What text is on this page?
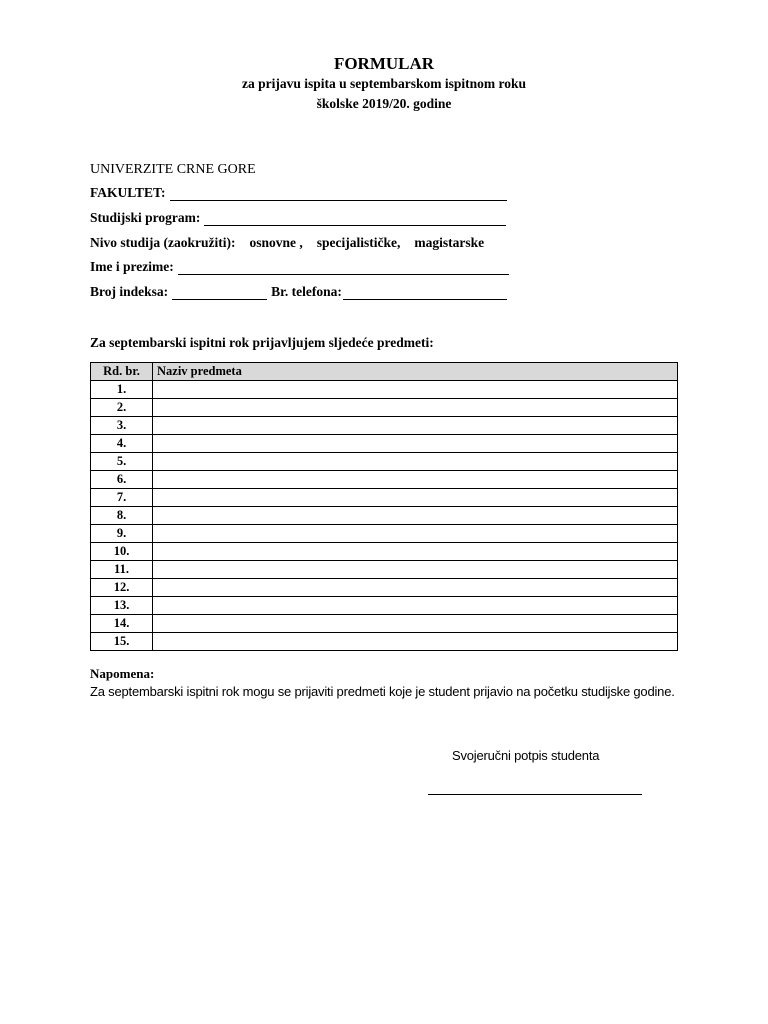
FORMULAR
za prijavu ispita u septembarskom ispitnom roku
školske 2019/20. godine
UNIVERZITE CRNE GORE
FAKULTET:
Studijski program:
Nivo studija (zaokružiti): osnovne , specijalističke, magistarske
Ime i prezime:
Broj indeksa:	Br. telefona:
Za septembarski ispitni rok prijavljujem sljedeće predmeti:
Rd. br.	Naziv predmeta
1.	
2.	
3.	
4.	
5.	
6.	
7.	
8.	
9.	
10.	
11.	
12.	
13.	
14.	
15.	
Napomena:
Za septembarski ispitni rok mogu se prijaviti predmeti koje je student prijavio na početku studijske godine.
Svojeručni potpis studenta
